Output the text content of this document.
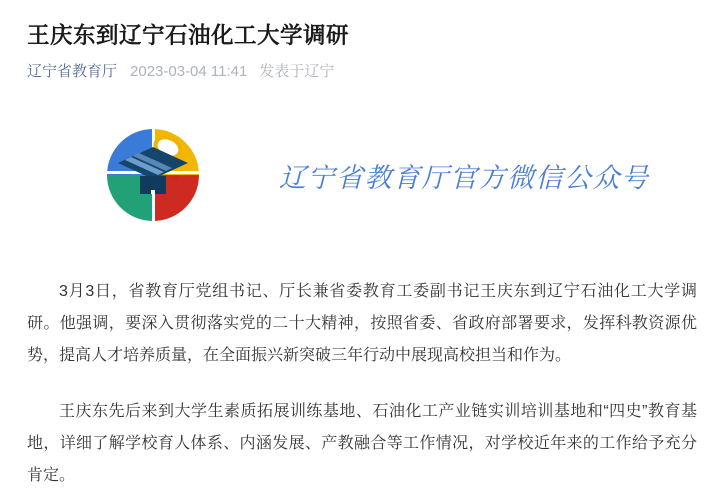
王庆东到辽宁石油化工大学调研
辽宁省教育厅 2023-03-04 11:41 发表于辽宁
辽宁省教育厅官方微信公众号

3月3日，省教育厅党组书记、厅长兼省委教育工委副书记王庆东到辽宁石油化工大学调研。他强调，要深入贯彻落实党的二十大精神，按照省委、省政府部署要求，发挥科教资源优势，提高人才培养质量，在全面振兴新突破三年行动中展现高校担当和作为。

王庆东先后来到大学生素质拓展训练基地、石油化工产业链实训培训基地和“四史”教育基地，详细了解学校育人体系、内涵发展、产教融合等工作情况，对学校近年来的工作给予充分肯定。
